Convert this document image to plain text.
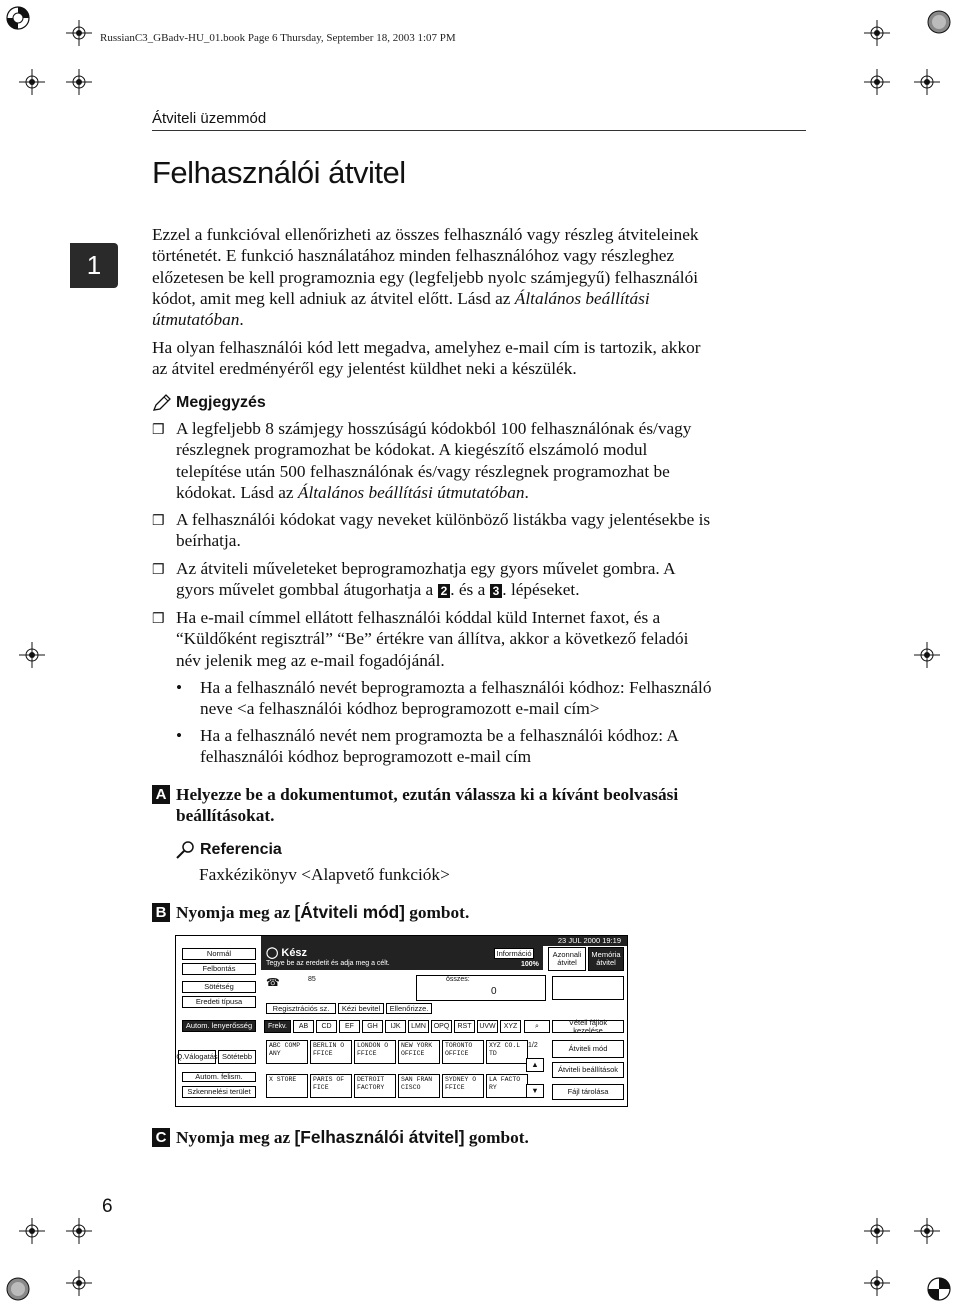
RussianC3_GBadv-HU_01.book Page 6 Thursday, September 18, 2003 1:07 PM
Átviteli üzemmód
Felhasználói átvitel
1
Ezzel a funkcióval ellenőrizheti az összes felhasználó vagy részleg átviteleinek
történetét. E funkció használatához minden felhasználóhoz vagy részleghez
előzetesen be kell programoznia egy (legfeljebb nyolc számjegyű) felhasználói
kódot, amit meg kell adniuk az átvitel előtt. Lásd az Általános beállítási
útmutatóban.
Ha olyan felhasználói kód lett megadva, amelyhez e-mail cím is tartozik, akkor
az átvitel eredményéről egy jelentést küldhet neki a készülék.
Megjegyzés
❒ A legfeljebb 8 számjegy hosszúságú kódokból 100 felhasználónak és/vagy
részlegnek programozhat be kódokat. A kiegészítő elszámoló modul
telepítése után 500 felhasználónak és/vagy részlegnek programozhat be
kódokat. Lásd az Általános beállítási útmutatóban.
❒ A felhasználói kódokat vagy neveket különböző listákba vagy jelentésekbe is
beírhatja.
❒ Az átviteli műveleteket beprogramozhatja egy gyors művelet gombra. A
gyors művelet gombbal átugorhatja a 2 . és a 3 . lépéseket.
❒ Ha e-mail címmel ellátott felhasználói kóddal küld Internet faxot, és a
“Küldőként regisztrál” “Be” értékre van állítva, akkor a következő feladói
név jelenik meg az e-mail fogadójánál.
•	Ha a felhasználó nevét beprogramozta a felhasználói kódhoz: Felhasználó
neve <a felhasználói kódhoz beprogramozott e-mail cím>
•	Ha a felhasználó nevét nem programozta be a felhasználói kódhoz: A
felhasználói kódhoz beprogramozott e-mail cím
A Helyezze be a dokumentumot, ezután válassza ki a kívánt beolvasási
beállításokat.
Referencia
Faxkézikönyv <Alapvető funkciók>
B Nyomja meg az [Átviteli mód] gombot.
23 JUL 2000 19:19
◯ Kész
Tegye be az eredetit és adja meg a célt.
Információ
100%
Azonnali átvitel
Memória átvitel
Normál
Felbontás
Sötétség
Eredeti típusa
Autom. lenyerősség
Q.Válogatás Sötétebb
Autom. felism.
Szkennelési terület
☎	85	összes:
0
Regisztrációs sz.	Kézi bevitel	Ellenőrizze.
Frekv.	AB	CD	EF	GH	IJK	LMN	OPQ	RST	UVW	XYZ	⌕
ABC COMP ANY
BERLIN O FFICE
LONDON O FFICE
NEW YORK OFFICE
TORONTO OFFICE
XYZ CO.L TD
X STORE	PARIS OF FICE
DETROIT FACTORY
SAN FRAN CISCO
SYDNEY O FFICE
LA FACTO RY
1/2
▲
▼
Vételi fájlok kezelése
Átviteli mód
Átviteli beállítások
Fájl tárolása
C Nyomja meg az [Felhasználói átvitel] gombot.
6
